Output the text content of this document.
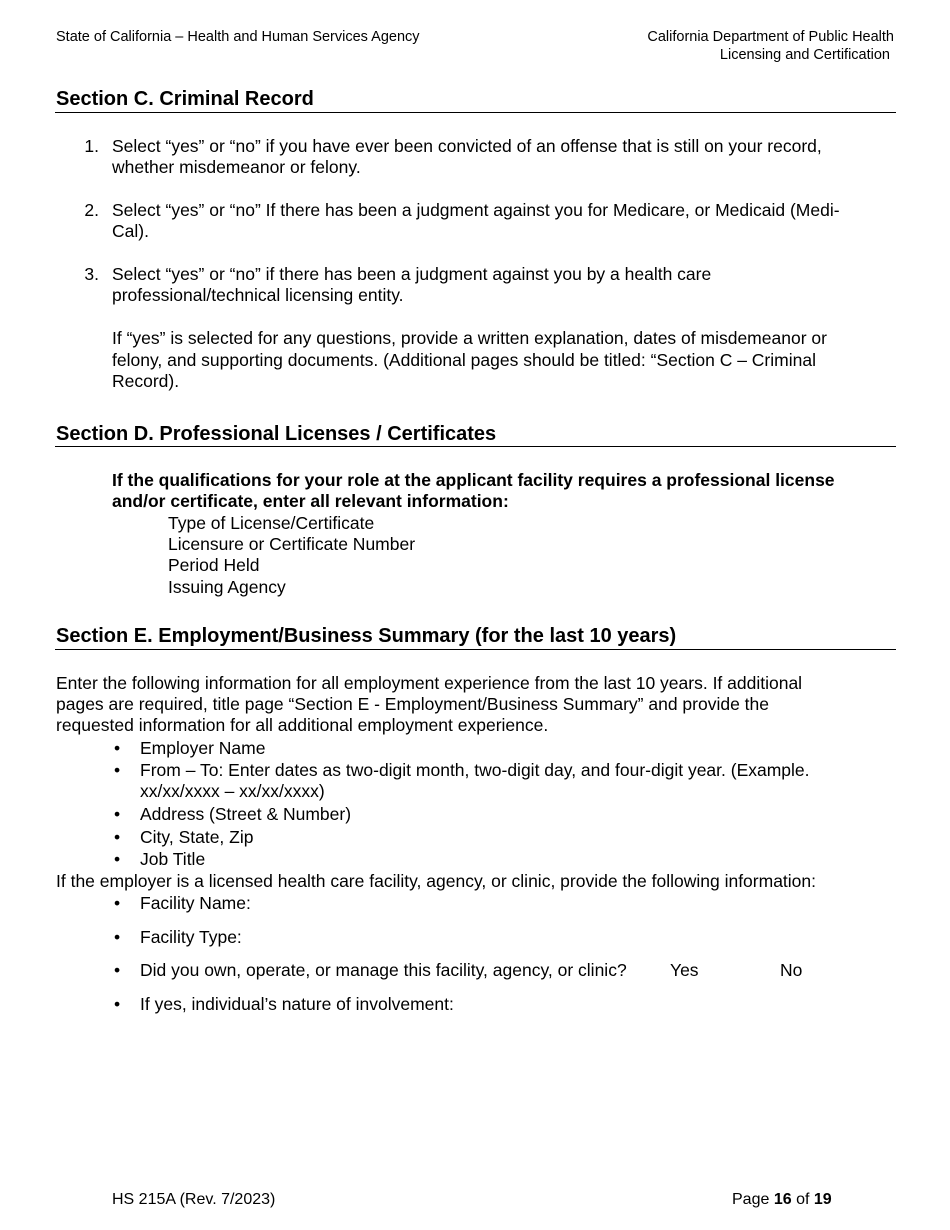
State of California – Health and Human Services Agency	California Department of Public Health
Licensing and Certification
Section C. Criminal Record
1. Select “yes” or “no” if you have ever been convicted of an offense that is still on your record,
whether misdemeanor or felony.
2. Select “yes” or “no” If there has been a judgment against you for Medicare, or Medicaid (Medi-
Cal).
3. Select “yes” or “no” if there has been a judgment against you by a health care
professional/technical licensing entity.
If “yes” is selected for any questions, provide a written explanation, dates of misdemeanor or
felony, and supporting documents. (Additional pages should be titled: “Section C – Criminal
Record).
Section D. Professional Licenses / Certificates
If the qualifications for your role at the applicant facility requires a professional license
and/or certificate, enter all relevant information:
Type of License/Certificate
Licensure or Certificate Number
Period Held
Issuing Agency
Section E. Employment/Business Summary (for the last 10 years)
Enter the following information for all employment experience from the last 10 years. If additional
pages are required, title page “Section E - Employment/Business Summary” and provide the
requested information for all additional employment experience.
• Employer Name
• From – To: Enter dates as two-digit month, two-digit day, and four-digit year. (Example.
xx/xx/xxxx – xx/xx/xxxx)
• Address (Street & Number)
• City, State, Zip
• Job Title
If the employer is a licensed health care facility, agency, or clinic, provide the following information:
• Facility Name:
• Facility Type:
• Did you own, operate, or manage this facility, agency, or clinic? Yes	No
• If yes, individual’s nature of involvement:
HS 215A (Rev. 7/2023)	Page 16 of 19
